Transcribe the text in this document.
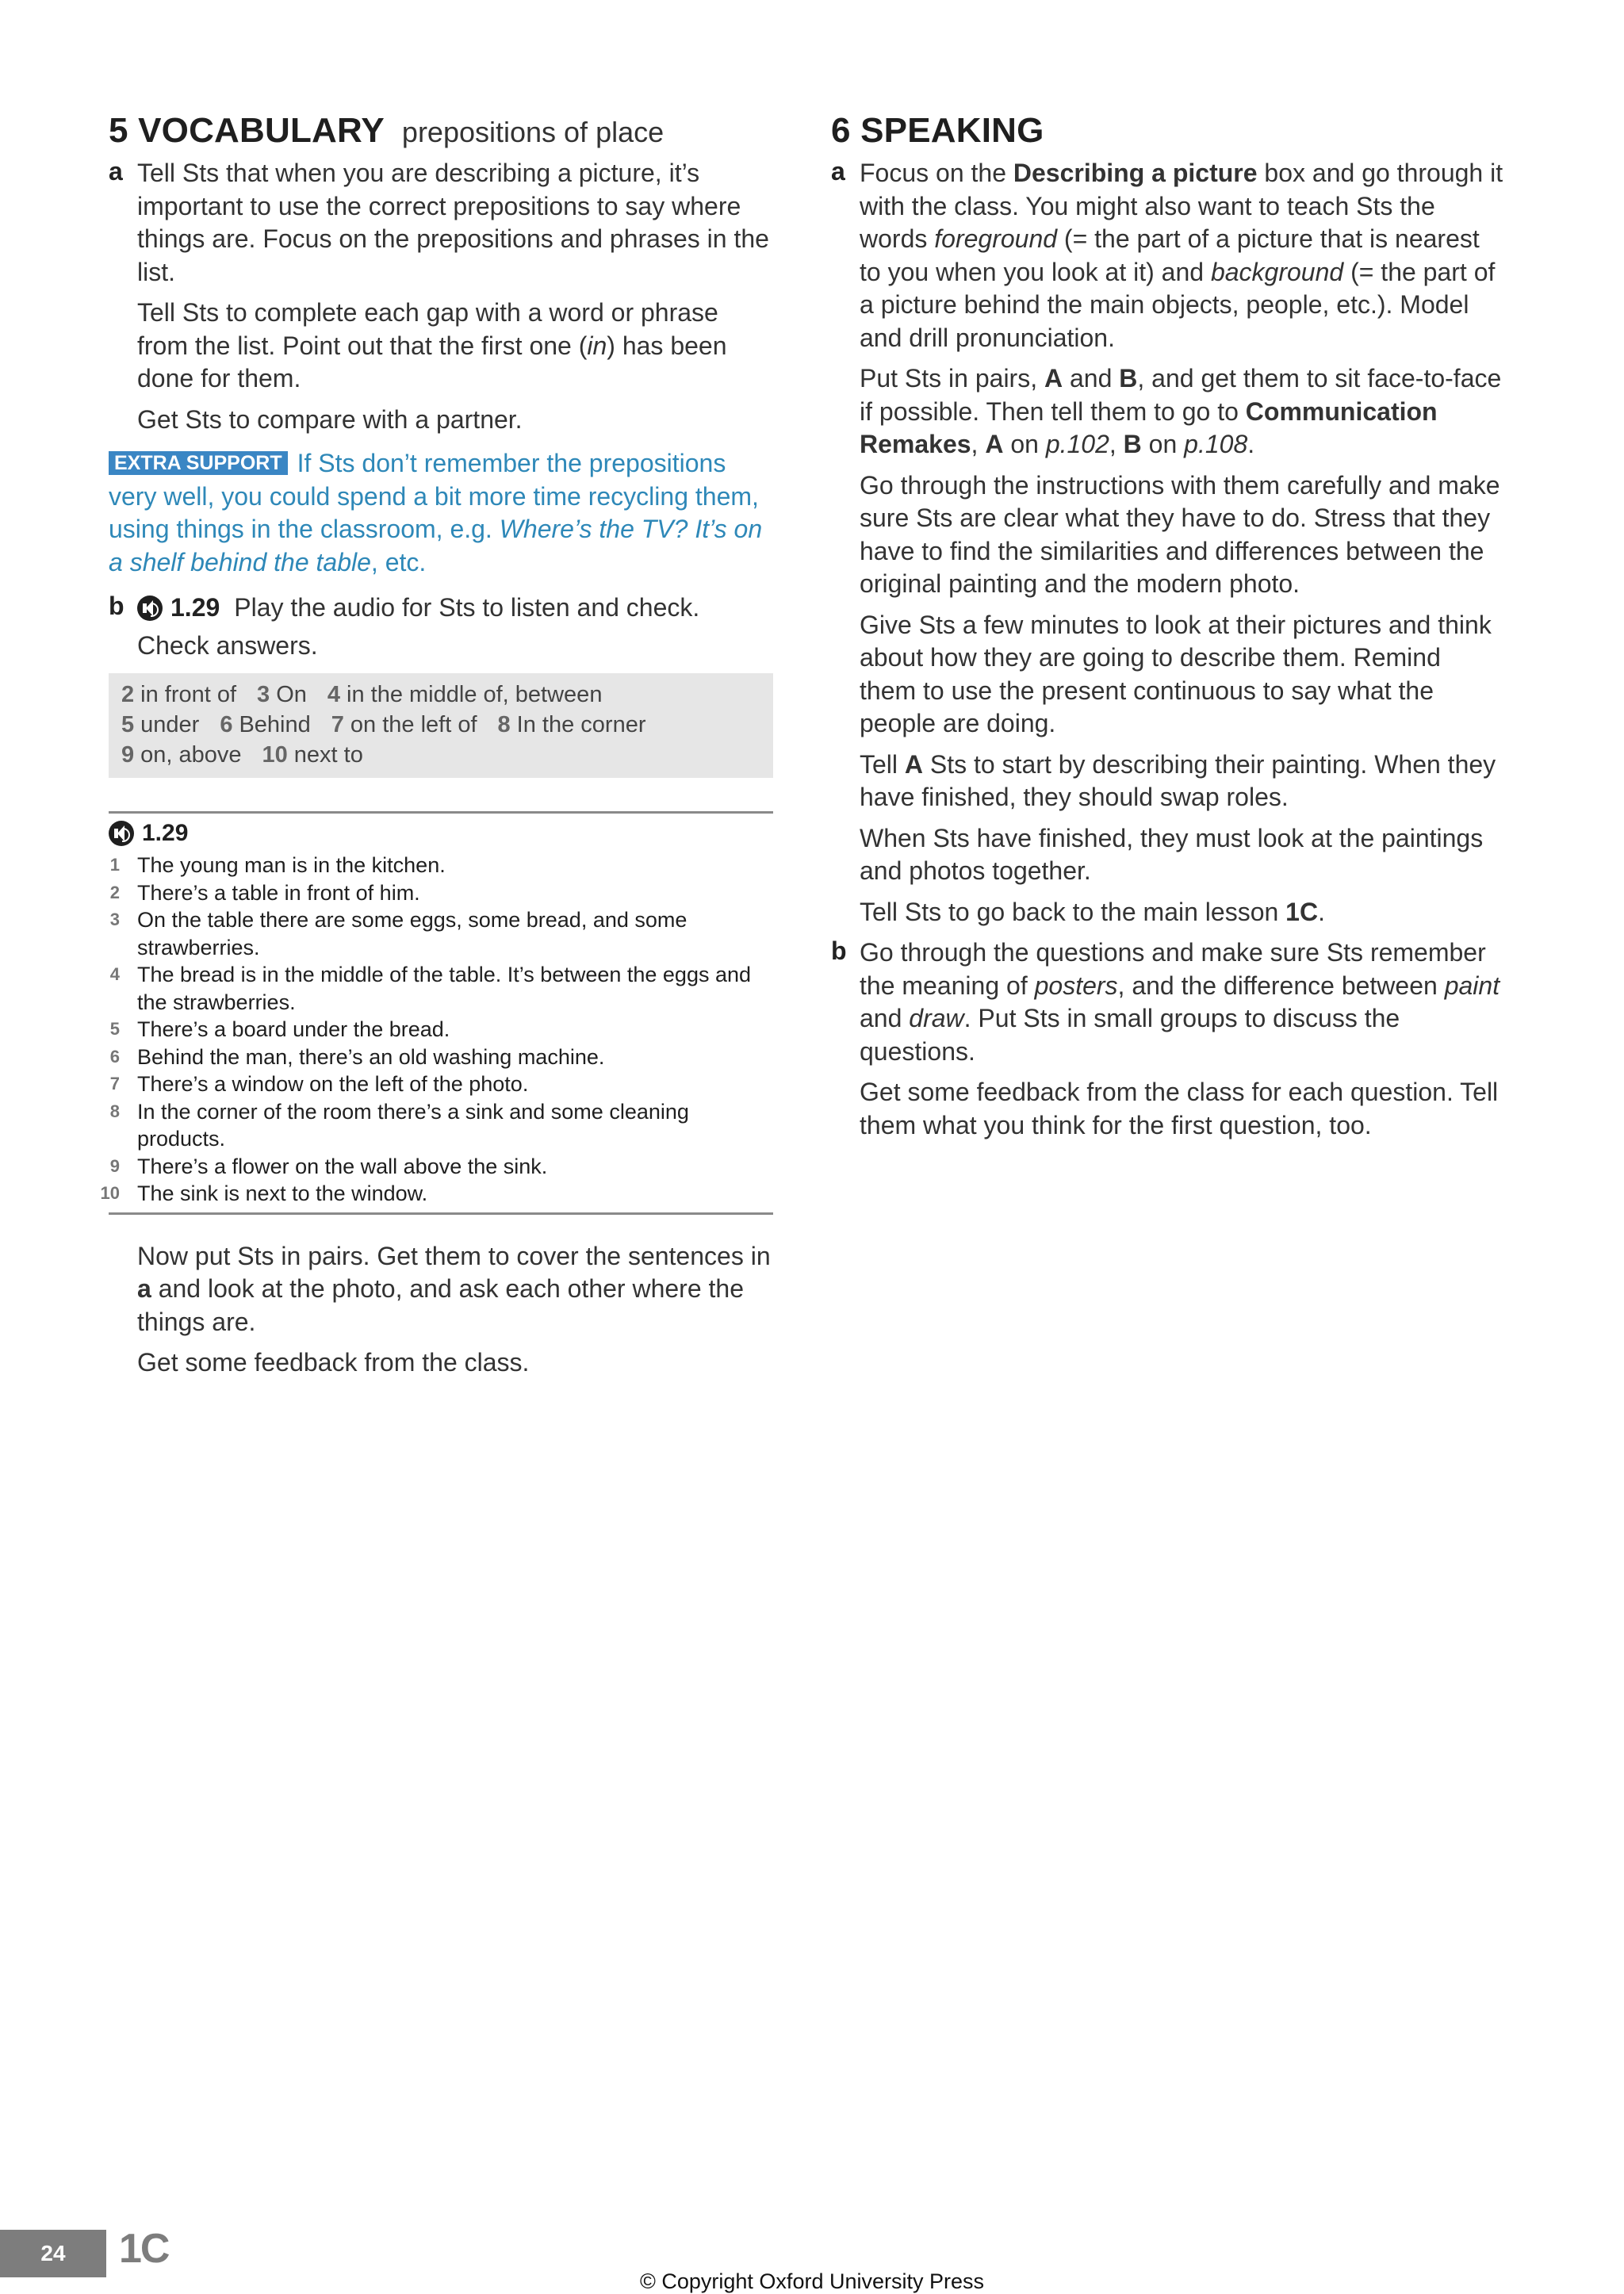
5 VOCABULARY prepositions of place
a Tell Sts that when you are describing a picture, it’s important to use the correct prepositions to say where things are. Focus on the prepositions and phrases in the list.

Tell Sts to complete each gap with a word or phrase from the list. Point out that the first one (in) has been done for them.

Get Sts to compare with a partner.

EXTRA SUPPORT If Sts don’t remember the prepositions very well, you could spend a bit more time recycling them, using things in the classroom, e.g. Where’s the TV? It’s on a shelf behind the table, etc.
b 1.29 Play the audio for Sts to listen and check.

Check answers.

2 in front of 3 On 4 in the middle of, between
5 under 6 Behind 7 on the left of 8 In the corner
9 on, above 10 next to
1.29
1 The young man is in the kitchen.
2 There’s a table in front of him.
3 On the table there are some eggs, some bread, and some strawberries.
4 The bread is in the middle of the table. It’s between the eggs and the strawberries.
5 There’s a board under the bread.
6 Behind the man, there’s an old washing machine.
7 There’s a window on the left of the photo.
8 In the corner of the room there’s a sink and some cleaning products.
9 There’s a flower on the wall above the sink.
10 The sink is next to the window.

Now put Sts in pairs. Get them to cover the sentences in a and look at the photo, and ask each other where the things are.

Get some feedback from the class.

6 SPEAKING
a Focus on the Describing a picture box and go through it with the class. You might also want to teach Sts the words foreground (= the part of a picture that is nearest to you when you look at it) and background (= the part of a picture behind the main objects, people, etc.). Model and drill pronunciation.

Put Sts in pairs, A and B, and get them to sit face-to-face if possible. Then tell them to go to Communication Remakes, A on p.102, B on p.108.

Go through the instructions with them carefully and make sure Sts are clear what they have to do. Stress that they have to find the similarities and differences between the original painting and the modern photo.

Give Sts a few minutes to look at their pictures and think about how they are going to describe them. Remind them to use the present continuous to say what the people are doing.

Tell A Sts to start by describing their painting. When they have finished, they should swap roles.

When Sts have finished, they must look at the paintings and photos together.

Tell Sts to go back to the main lesson 1C.

b Go through the questions and make sure Sts remember the meaning of posters, and the difference between paint and draw. Put Sts in small groups to discuss the questions.

Get some feedback from the class for each question. Tell them what you think for the first question, too.

24 1C
© Copyright Oxford University Press
